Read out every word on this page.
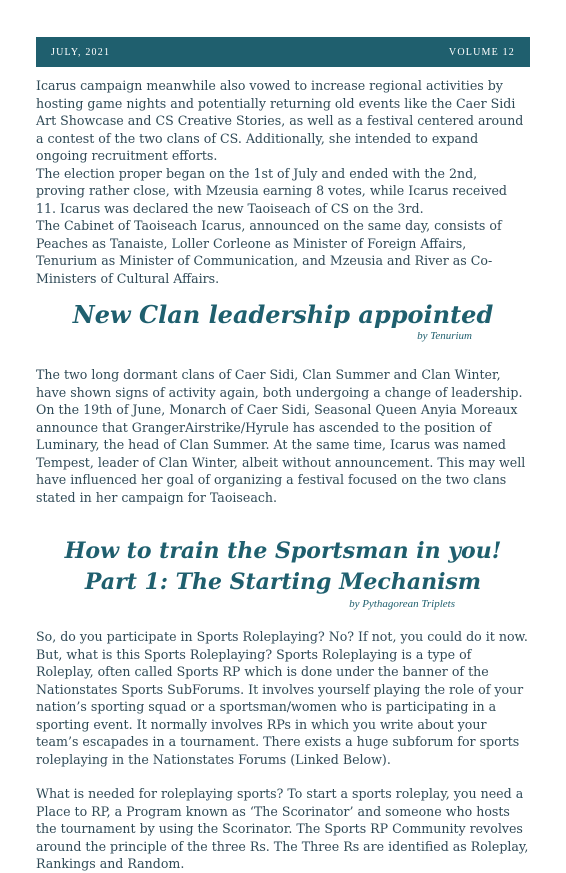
JULY, 2021	VOLUME 12

Icarus campaign meanwhile also vowed to increase regional activities by hosting game nights and potentially returning old events like the Caer Sidi Art Showcase and CS Creative Stories, as well as a festival centered around a contest of the two clans of CS. Additionally, she intended to expand ongoing recruitment efforts.

The election proper began on the 1st of July and ended with the 2nd, proving rather close, with Mzeusia earning 8 votes, while Icarus received 11. Icarus was declared the new Taoiseach of CS on the 3rd.

The Cabinet of Taoiseach Icarus, announced on the same day, consists of Peaches as Tanaiste, Loller Corleone as Minister of Foreign Affairs, Tenurium as Minister of Communication, and Mzeusia and River as Co-Ministers of Cultural Affairs.

New Clan leadership appointed

by Tenurium

The two long dormant clans of Caer Sidi, Clan Summer and Clan Winter, have shown signs of activity again, both undergoing a change of leadership. On the 19th of June, Monarch of Caer Sidi, Seasonal Queen Anyia Moreaux announce that GrangerAirstrike/Hyrule has ascended to the position of Luminary, the head of Clan Summer. At the same time, Icarus was named Tempest, leader of Clan Winter, albeit without announcement. This may well have influenced her goal of organizing a festival focused on the two clans stated in her campaign for Taoiseach.

How to train the Sportsman in you!
Part 1: The Starting Mechanism

by Pythagorean Triplets

So, do you participate in Sports Roleplaying? No? If not, you could do it now. But, what is this Sports Roleplaying? Sports Roleplaying is a type of Roleplay, often called Sports RP which is done under the banner of the Nationstates Sports SubForums. It involves yourself playing the role of your nation’s sporting squad or a sportsman/women who is participating in a sporting event. It normally involves RPs in which you write about your team’s escapades in a tournament. There exists a huge subforum for sports roleplaying in the Nationstates Forums (Linked Below).

What is needed for roleplaying sports? To start a sports roleplay, you need a Place to RP, a Program known as ‘The Scorinator’ and someone who hosts the tournament by using the Scorinator. The Sports RP Community revolves around the principle of the three Rs. The Three Rs are identified as Roleplay, Rankings and Random.
